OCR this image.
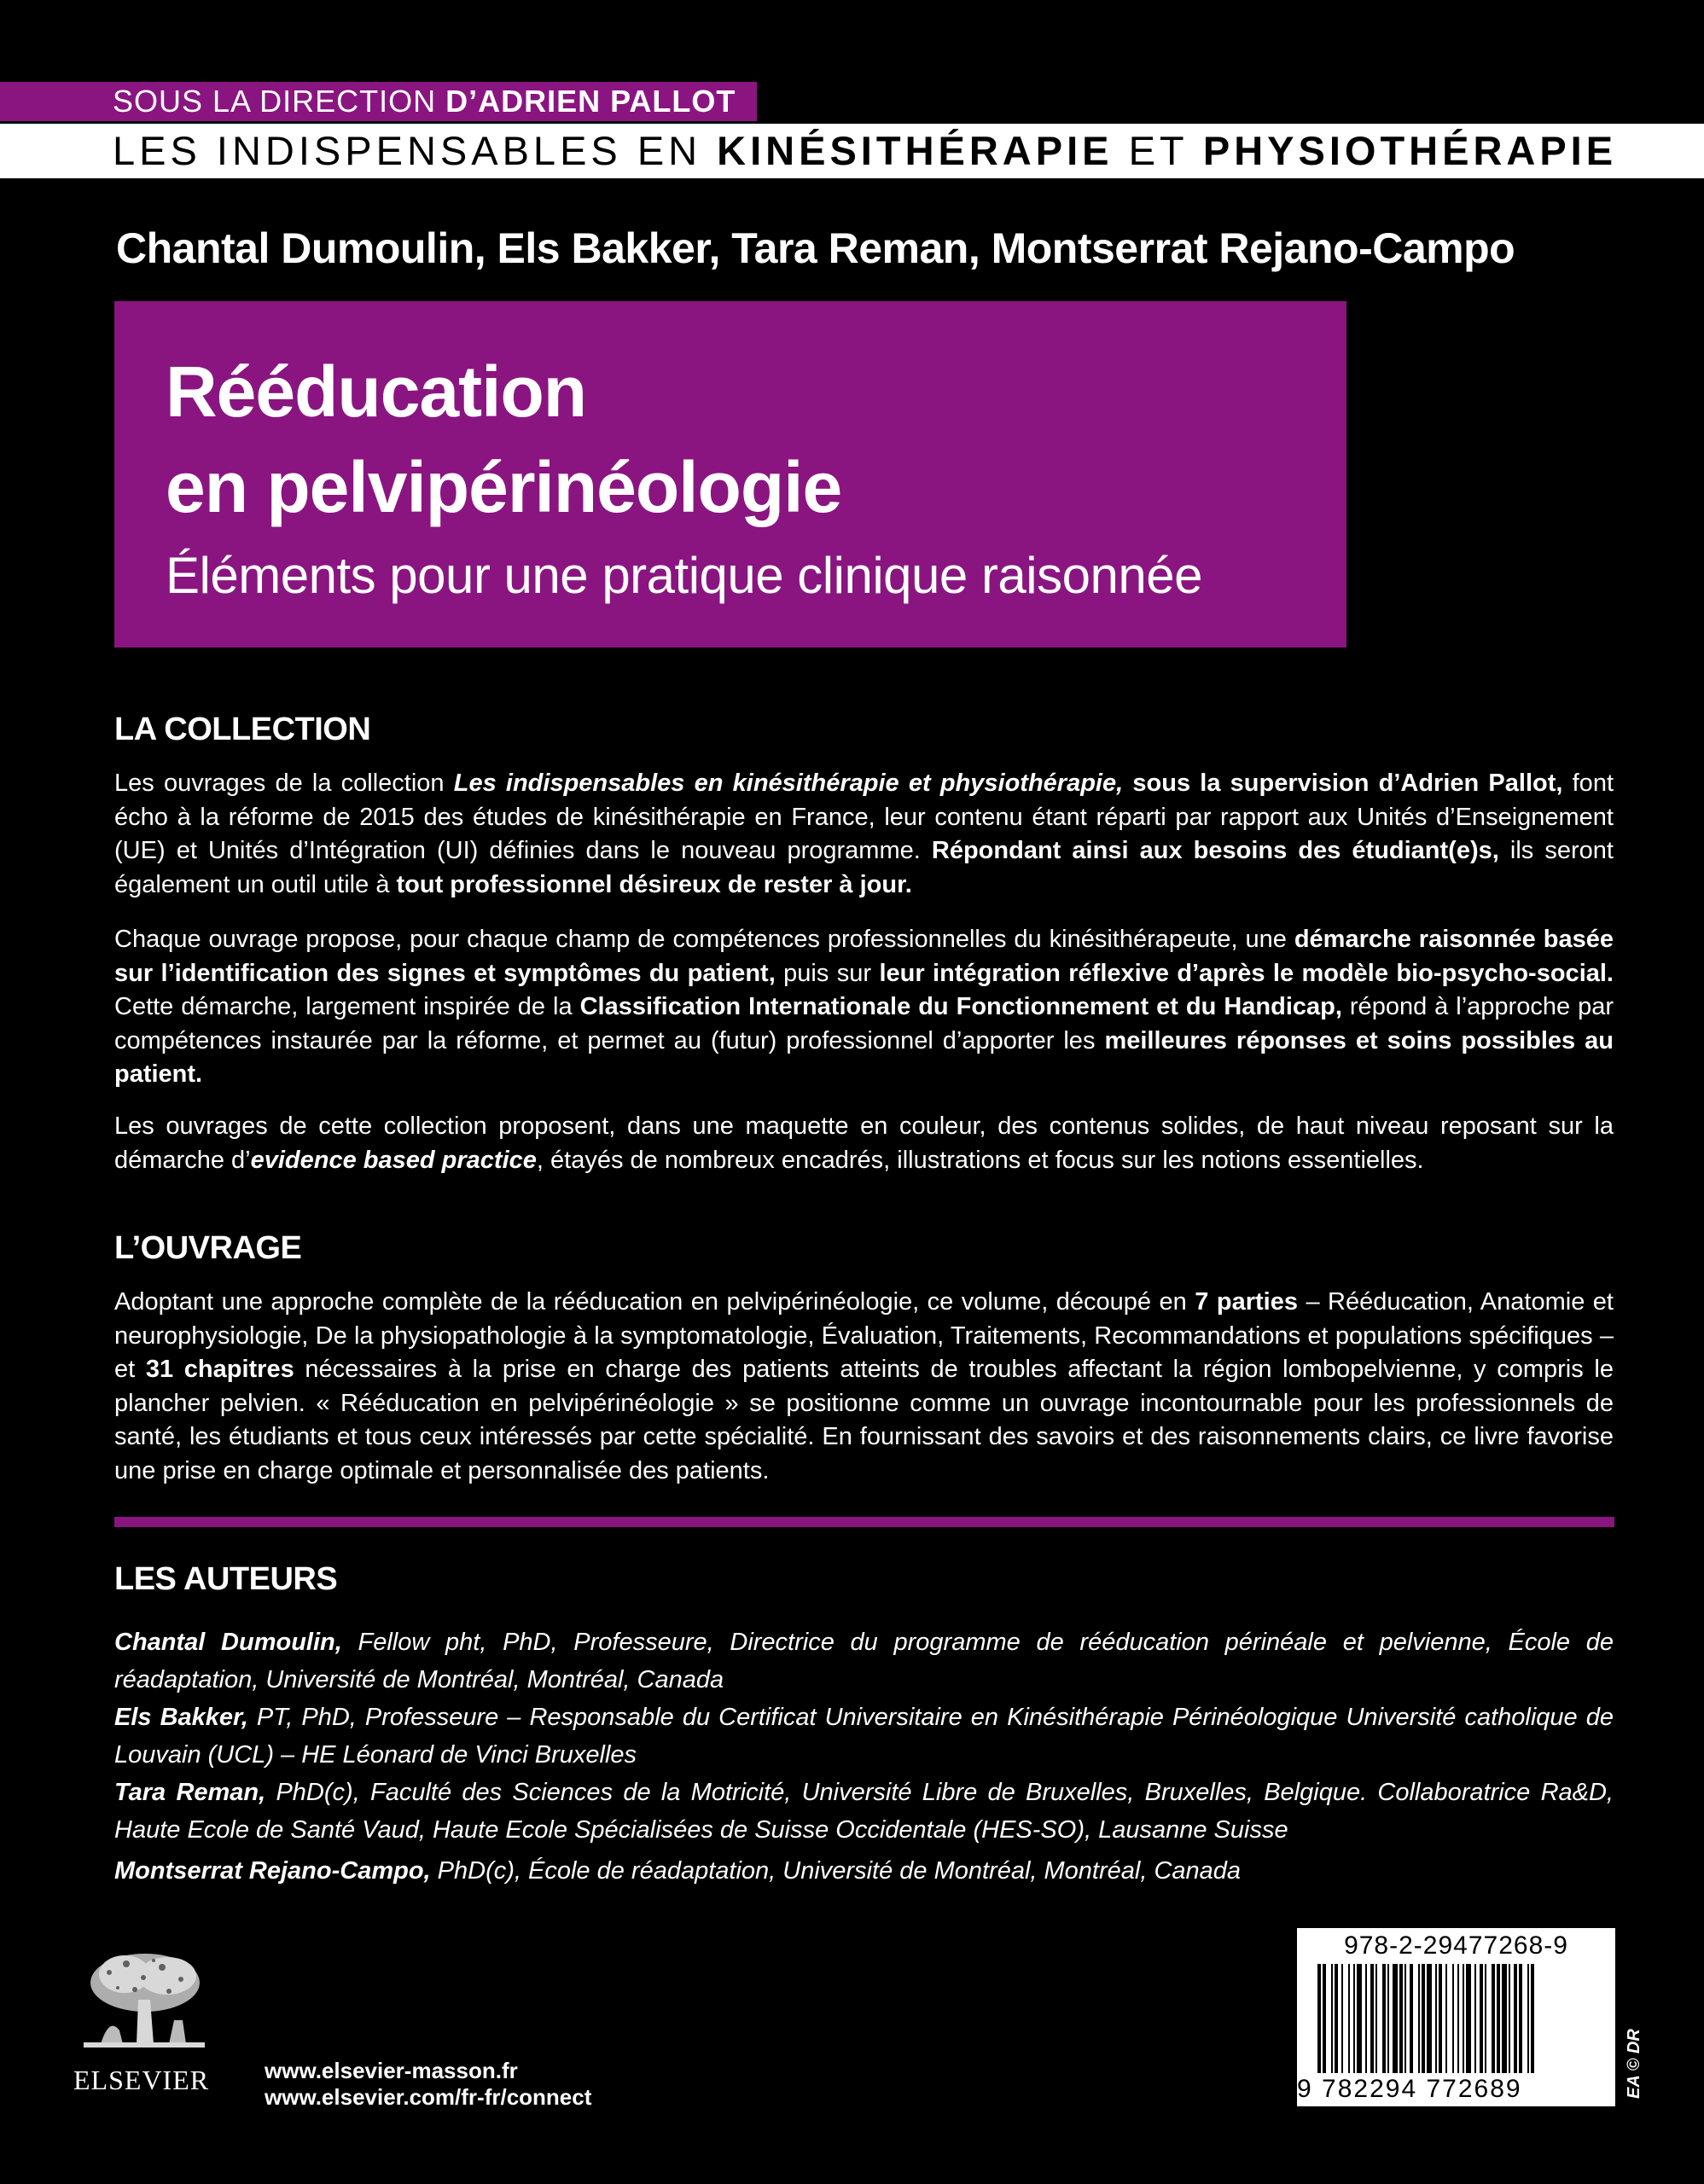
SOUS LA DIRECTION D’ADRIEN PALLOT
LES INDISPENSABLES EN KINÉSITHÉRAPIE ET PHYSIOTHÉRAPIE
Chantal Dumoulin, Els Bakker, Tara Reman, Montserrat Rejano-Campo
Rééducation
en pelvipérinéologie
Éléments pour une pratique clinique raisonnée
LA COLLECTION
Les ouvrages de la collection Les indispensables en kinésithérapie et physiothérapie, sous la supervision d’Adrien Pallot, font écho à la réforme de 2015 des études de kinésithérapie en France, leur contenu étant réparti par rapport aux Unités d’Enseignement (UE) et Unités d’Intégration (UI) définies dans le nouveau programme. Répondant ainsi aux besoins des étudiant(e)s, ils seront également un outil utile à tout professionnel désireux de rester à jour.
Chaque ouvrage propose, pour chaque champ de compétences professionnelles du kinésithérapeute, une démarche raisonnée basée sur l’identification des signes et symptômes du patient, puis sur leur intégration réflexive d’après le modèle bio-psycho-social. Cette démarche, largement inspirée de la Classification Internationale du Fonctionnement et du Handicap, répond à l’approche par compétences instaurée par la réforme, et permet au (futur) professionnel d’apporter les meilleures réponses et soins possibles au patient.
Les ouvrages de cette collection proposent, dans une maquette en couleur, des contenus solides, de haut niveau reposant sur la démarche d’evidence based practice, étayés de nombreux encadrés, illustrations et focus sur les notions essentielles.
L’OUVRAGE
Adoptant une approche complète de la rééducation en pelvipérinéologie, ce volume, découpé en 7 parties – Rééducation, Anatomie et neurophysiologie, De la physiopathologie à la symptomatologie, Évaluation, Traitements, Recommandations et populations spécifiques – et 31 chapitres nécessaires à la prise en charge des patients atteints de troubles affectant la région lombopelvienne, y compris le plancher pelvien. « Rééducation en pelvipérinéologie » se positionne comme un ouvrage incontournable pour les professionnels de santé, les étudiants et tous ceux intéressés par cette spécialité. En fournissant des savoirs et des raisonnements clairs, ce livre favorise une prise en charge optimale et personnalisée des patients.
LES AUTEURS
Chantal Dumoulin, Fellow pht, PhD, Professeure, Directrice du programme de rééducation périnéale et pelvienne, École de réadaptation, Université de Montréal, Montréal, Canada
Els Bakker, PT, PhD, Professeure – Responsable du Certificat Universitaire en Kinésithérapie Périnéologique Université catholique de Louvain (UCL) – HE Léonard de Vinci Bruxelles
Tara Reman, PhD(c), Faculté des Sciences de la Motricité, Université Libre de Bruxelles, Bruxelles, Belgique. Collaboratrice Ra&D, Haute Ecole de Santé Vaud, Haute Ecole Spécialisées de Suisse Occidentale (HES-SO), Lausanne Suisse
Montserrat Rejano-Campo, PhD(c), École de réadaptation, Université de Montréal, Montréal, Canada
ELSEVIER www.elsevier-masson.fr
www.elsevier.com/fr-fr/connect
978-2-29477268-9
9 782294 772689	EA © DR
